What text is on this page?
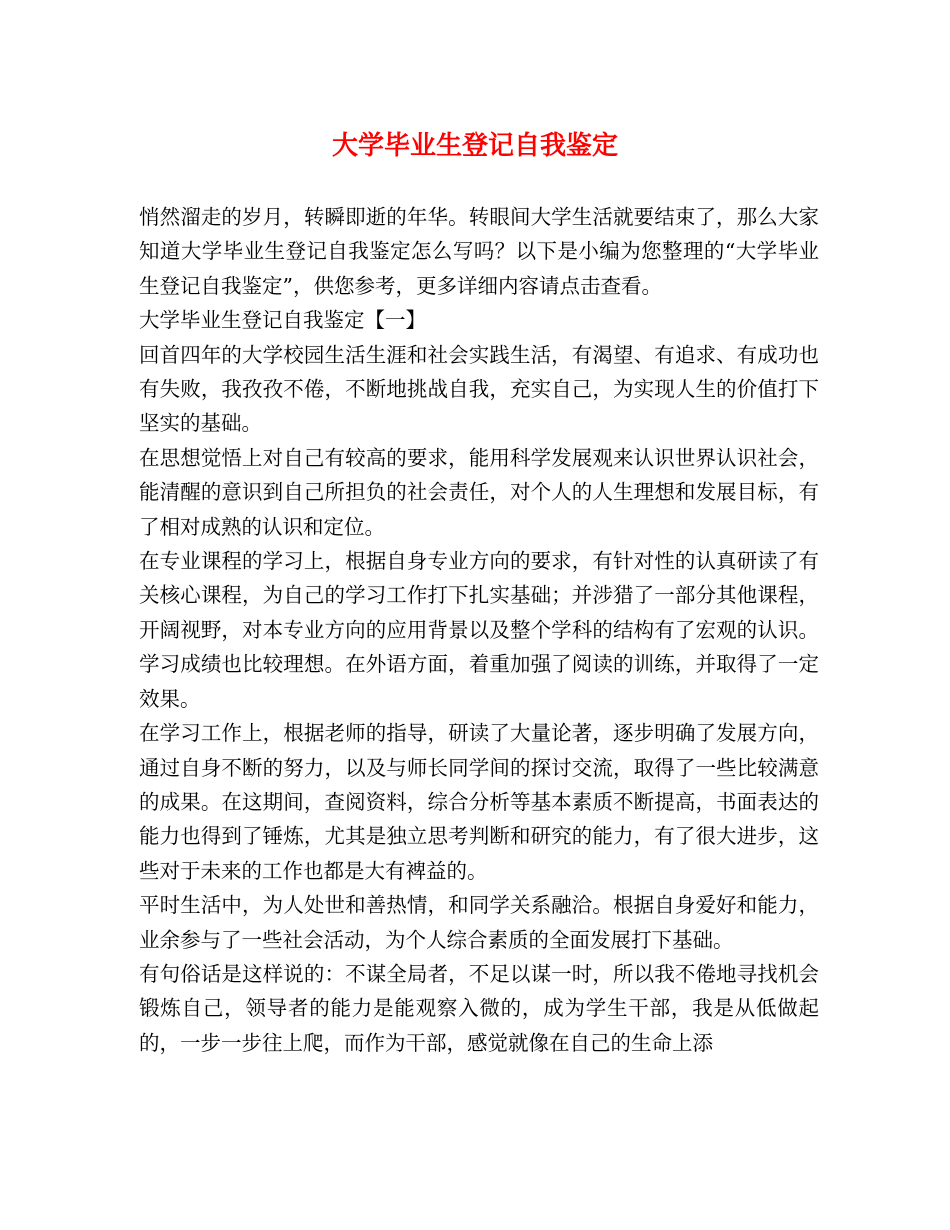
大学毕业生登记自我鉴定

悄然溜走的岁月，转瞬即逝的年华。转眼间大学生活就要结束了，那么大家知道大学毕业生登记自我鉴定怎么写吗？以下是小编为您整理的“大学毕业生登记自我鉴定”，供您参考，更多详细内容请点击查看。

大学毕业生登记自我鉴定【一】

回首四年的大学校园生活生涯和社会实践生活，有渴望、有追求、有成功也有失败，我孜孜不倦，不断地挑战自我，充实自己，为实现人生的价值打下坚实的基础。

在思想觉悟上对自己有较高的要求，能用科学发展观来认识世界认识社会，能清醒的意识到自己所担负的社会责任，对个人的人生理想和发展目标，有了相对成熟的认识和定位。

在专业课程的学习上，根据自身专业方向的要求，有针对性的认真研读了有关核心课程，为自己的学习工作打下扎实基础；并涉猎了一部分其他课程，开阔视野，对本专业方向的应用背景以及整个学科的结构有了宏观的认识。学习成绩也比较理想。在外语方面，着重加强了阅读的训练，并取得了一定效果。

在学习工作上，根据老师的指导，研读了大量论著，逐步明确了发展方向，通过自身不断的努力，以及与师长同学间的探讨交流，取得了一些比较满意的成果。在这期间，查阅资料，综合分析等基本素质不断提高，书面表达的能力也得到了锤炼，尤其是独立思考判断和研究的能力，有了很大进步，这些对于未来的工作也都是大有裨益的。

平时生活中，为人处世和善热情，和同学关系融洽。根据自身爱好和能力，业余参与了一些社会活动，为个人综合素质的全面发展打下基础。

有句俗话是这样说的：不谋全局者，不足以谋一时，所以我不倦地寻找机会锻炼自己，领导者的能力是能观察入微的，成为学生干部，我是从低做起的，一步一步往上爬，而作为干部，感觉就像在自己的生命上添
